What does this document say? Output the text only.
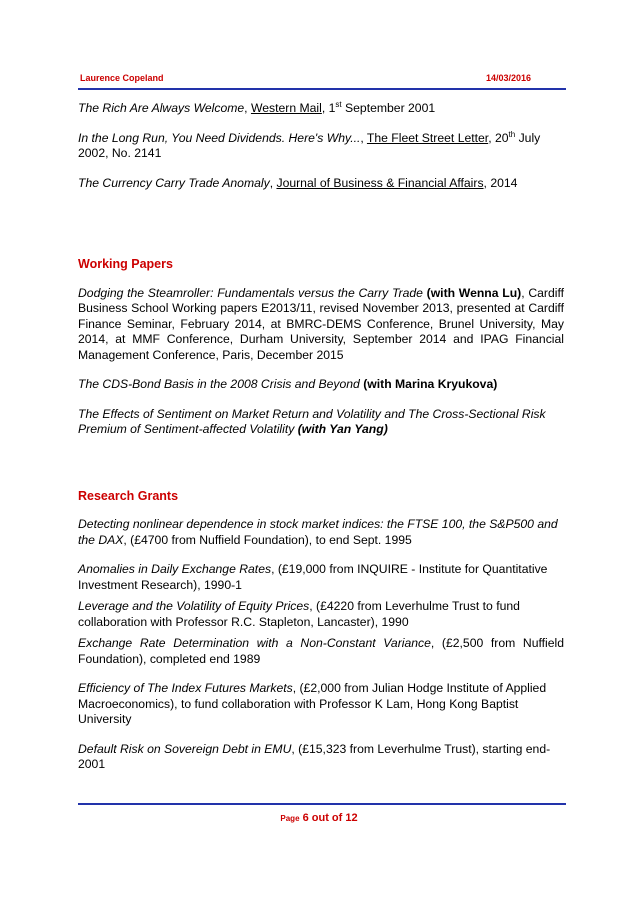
Laurence Copeland	14/03/2016

The Rich Are Always Welcome, Western Mail, 1st September 2001

In the Long Run, You Need Dividends. Here's Why..., The Fleet Street Letter, 20th July 2002, No. 2141

The Currency Carry Trade Anomaly, Journal of Business & Financial Affairs, 2014

Working Papers

Dodging the Steamroller: Fundamentals versus the Carry Trade (with Wenna Lu), Cardiff Business School Working papers E2013/11, revised November 2013, presented at Cardiff Finance Seminar, February 2014, at BMRC-DEMS Conference, Brunel University, May 2014, at MMF Conference, Durham University, September 2014 and IPAG Financial Management Conference, Paris, December 2015

The CDS-Bond Basis in the 2008 Crisis and Beyond (with Marina Kryukova)

The Effects of Sentiment on Market Return and Volatility and The Cross-Sectional Risk Premium of Sentiment-affected Volatility (with Yan Yang)

Research Grants

Detecting nonlinear dependence in stock market indices: the FTSE 100, the S&P500 and the DAX, (£4700 from Nuffield Foundation), to end Sept. 1995

Anomalies in Daily Exchange Rates, (£19,000 from INQUIRE - Institute for Quantitative Investment Research), 1990-1

Leverage and the Volatility of Equity Prices, (£4220 from Leverhulme Trust to fund collaboration with Professor R.C. Stapleton, Lancaster), 1990

Exchange Rate Determination with a Non-Constant Variance, (£2,500 from Nuffield Foundation), completed end 1989

Efficiency of The Index Futures Markets, (£2,000 from Julian Hodge Institute of Applied Macroeconomics), to fund collaboration with Professor K Lam, Hong Kong Baptist University

Default Risk on Sovereign Debt in EMU, (£15,323 from Leverhulme Trust), starting end-2001

Page 6 out of 12
